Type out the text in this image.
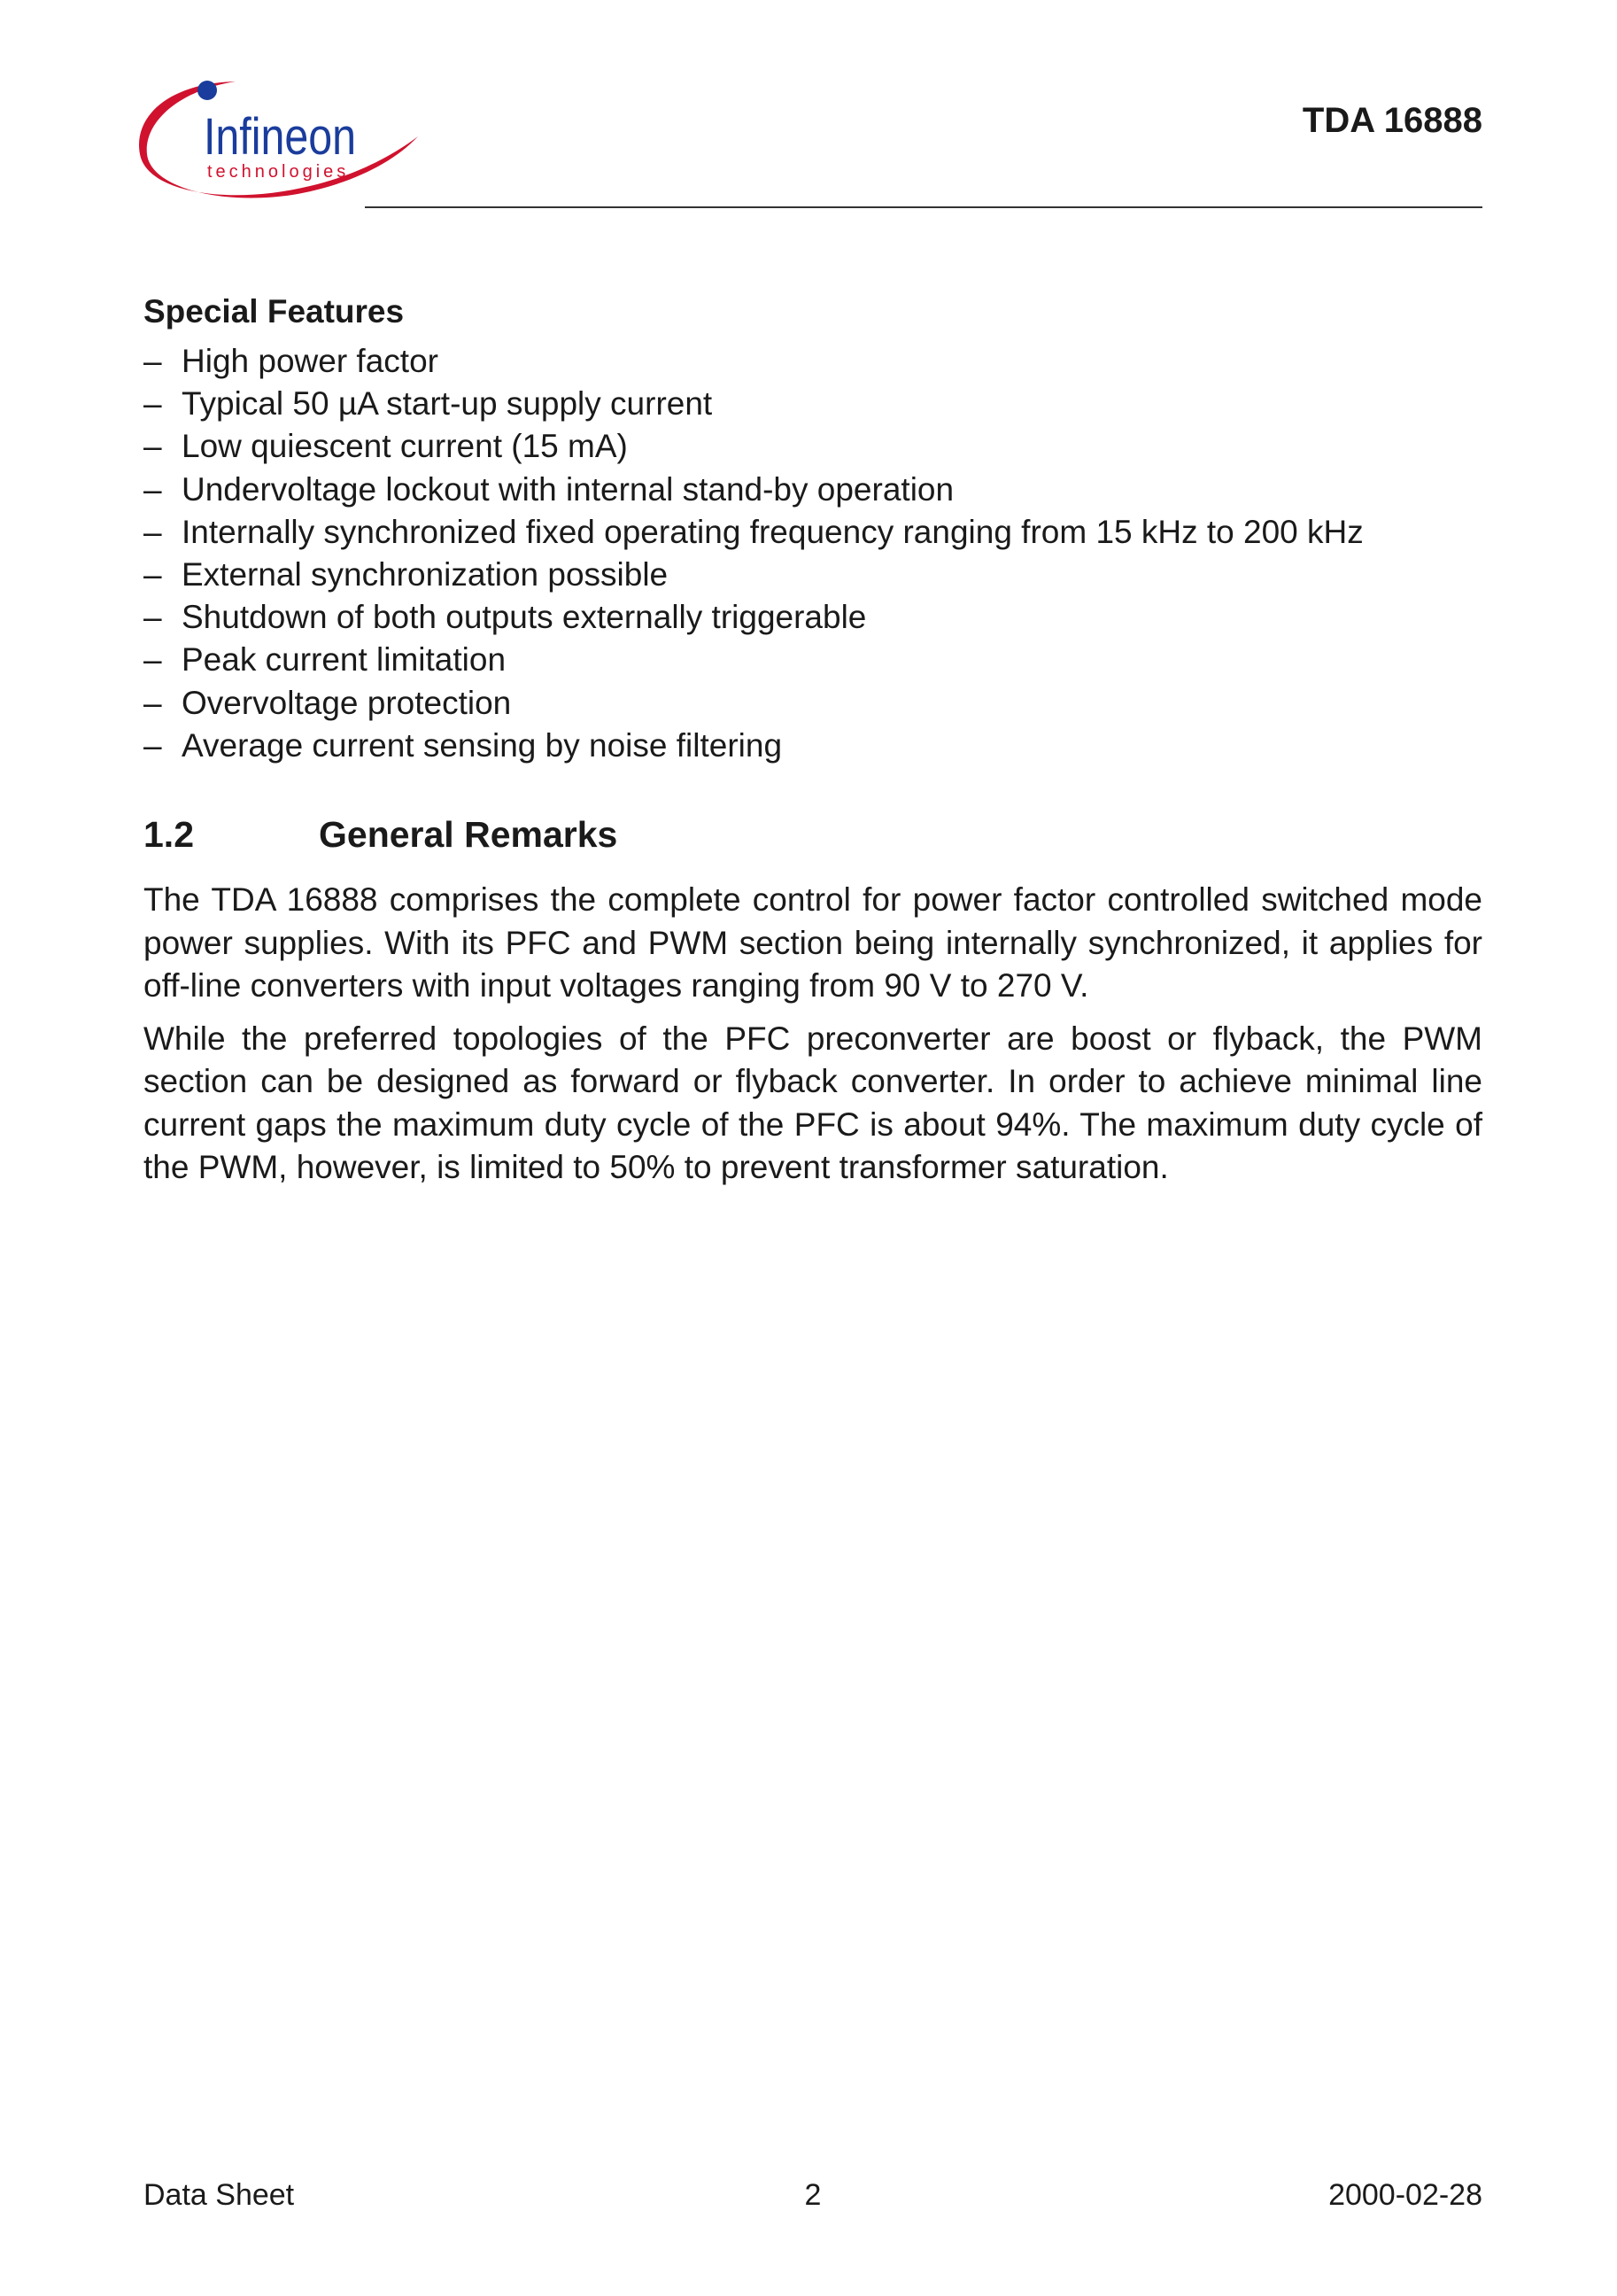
Infineon
technologies
TDA 16888
Special Features
– High power factor
– Typical 50 µA start-up supply current
– Low quiescent current (15 mA)
– Undervoltage lockout with internal stand-by operation
– Internally synchronized fixed operating frequency ranging from 15 kHz to 200 kHz
– External synchronization possible
– Shutdown of both outputs externally triggerable
– Peak current limitation
– Overvoltage protection
– Average current sensing by noise filtering
1.2	General Remarks

The TDA 16888 comprises the complete control for power factor controlled switched mode power supplies. With its PFC and PWM section being internally synchronized, it applies for off-line converters with input voltages ranging from 90 V to 270 V.

While the preferred topologies of the PFC preconverter are boost or flyback, the PWM section can be designed as forward or flyback converter. In order to achieve minimal line current gaps the maximum duty cycle of the PFC is about 94%. The maximum duty cycle of the PWM, however, is limited to 50% to prevent transformer saturation.

Data Sheet	2	2000-02-28
